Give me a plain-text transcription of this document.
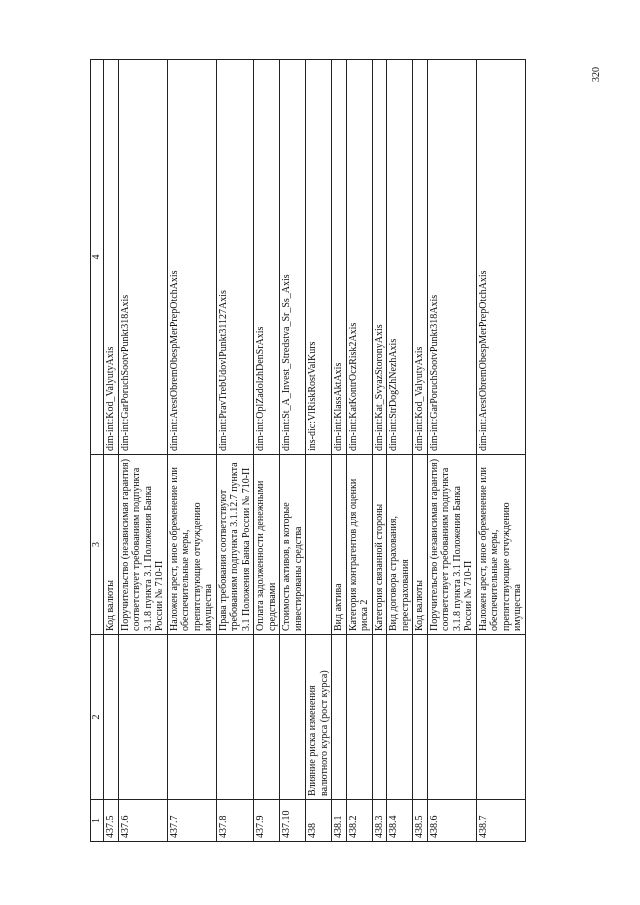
1	2	3	4
437.5		Код валюты	dim-int:Kod_ValyutyAxis
437.6		Поручительство (независимая гарантия) соответствует требованиям подпункта 3.1.8 пункта 3.1 Положения Банка России № 710-П	dim-int:GarPoruchSootvPunkt318Axis
437.7		Наложен арест, иное обременение или обеспечительные меры, препятствующие отчуждению имущества	dim-int:ArestObremObespMerPrepOtchAxis
437.8		Права требования соответствуют требованиям подпункта 3.1.12.7 пункта 3.1 Положения Банка России № 710-П	dim-int:PravTrebUdovlPunkt31127Axis
437.9		Оплата задолженности денежными средствами	dim-int:OplZadolzhDenSrAxis
437.10		Стоимость активов, в которые инвестированы средства	dim-int:St_A_Invest_Stredstva_Sr_Ss_Axis
438	Влияние риска изменения валютного курса (рост курса)		ins-dic:VlRiskRostValKurs
438.1		Вид актива	dim-int:KlassAktAxis
438.2		Категория контрагентов для оценки риска 2	dim-int:KatKontrOczRisk2Axis
438.3		Категория связанной стороны	dim-int:Kat_SvyazStoronyAxis
438.4		Вид договора страхования, перестрахования	dim-int:StrDogZhNezhAxis
438.5		Код валюты	dim-int:Kod_ValyutyAxis
438.6		Поручительство (независимая гарантия) соответствует требованиям подпункта 3.1.8 пункта 3.1 Положения Банка России № 710-П	dim-int:GarPoruchSootvPunkt318Axis
438.7		Наложен арест, иное обременение или обеспечительные меры, препятствующие отчуждению имущества	dim-int:ArestObremObespMerPrepOtchAxis
320
